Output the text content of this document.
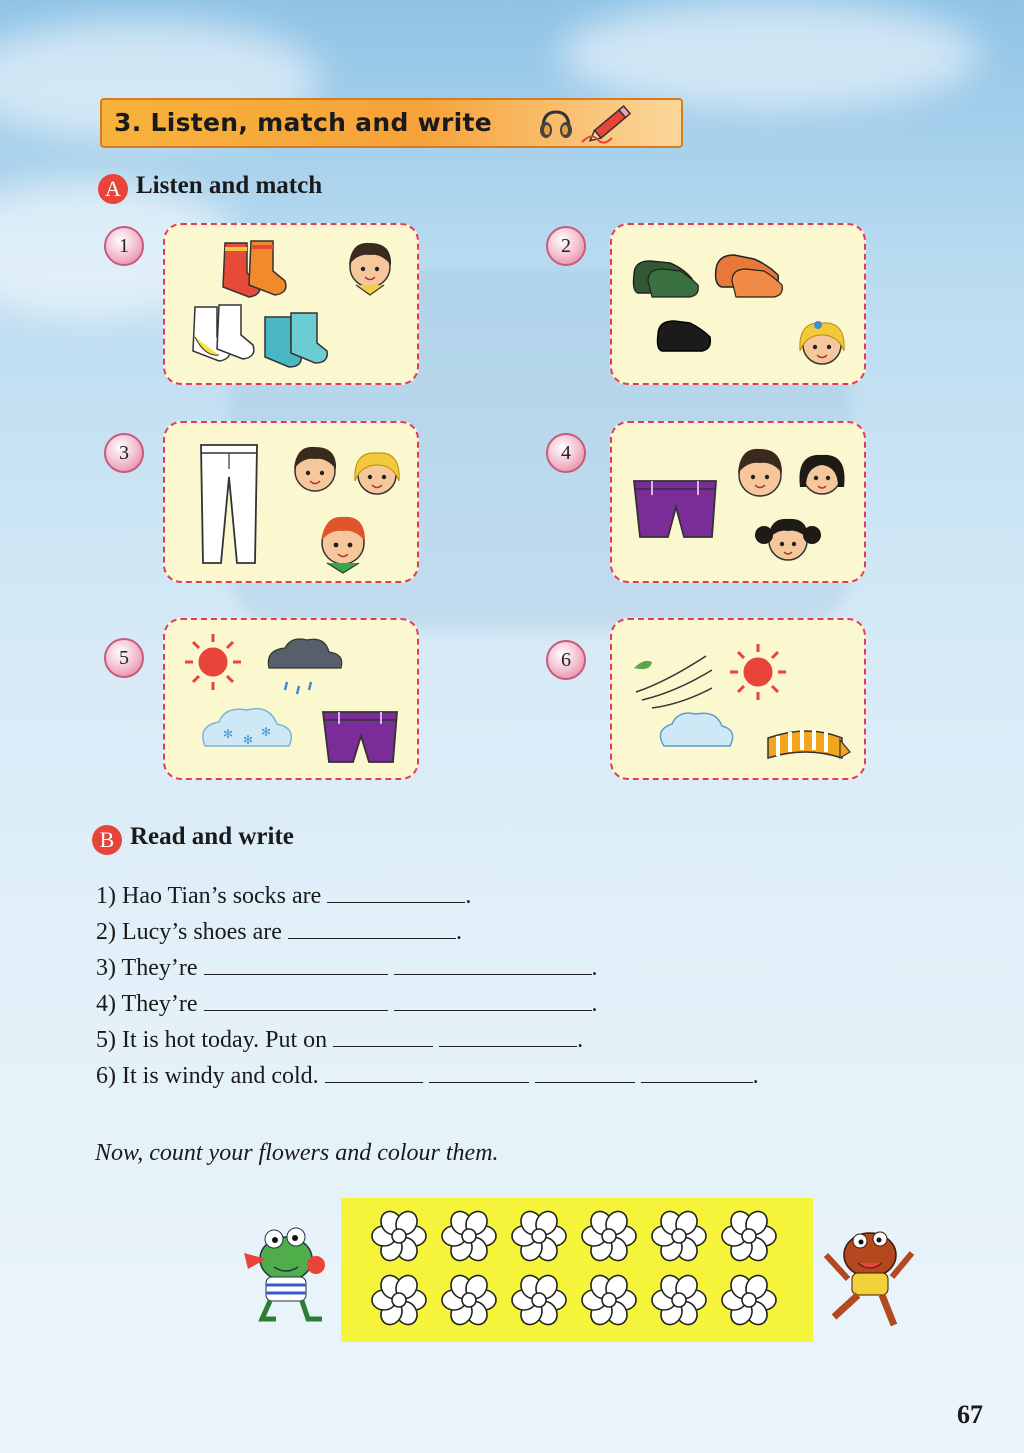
3. Listen, match and write
A Listen and match
1	2
3	4
5
✻ ✻
✻
6
B Read and write
1) Hao Tian’s socks are	.
2) Lucy’s shoes are	.
3) They’re	.
4) They’re	.
5) It is hot today. Put on	.
6) It is windy and cold.	.
Now, count your flowers and colour them.
67
